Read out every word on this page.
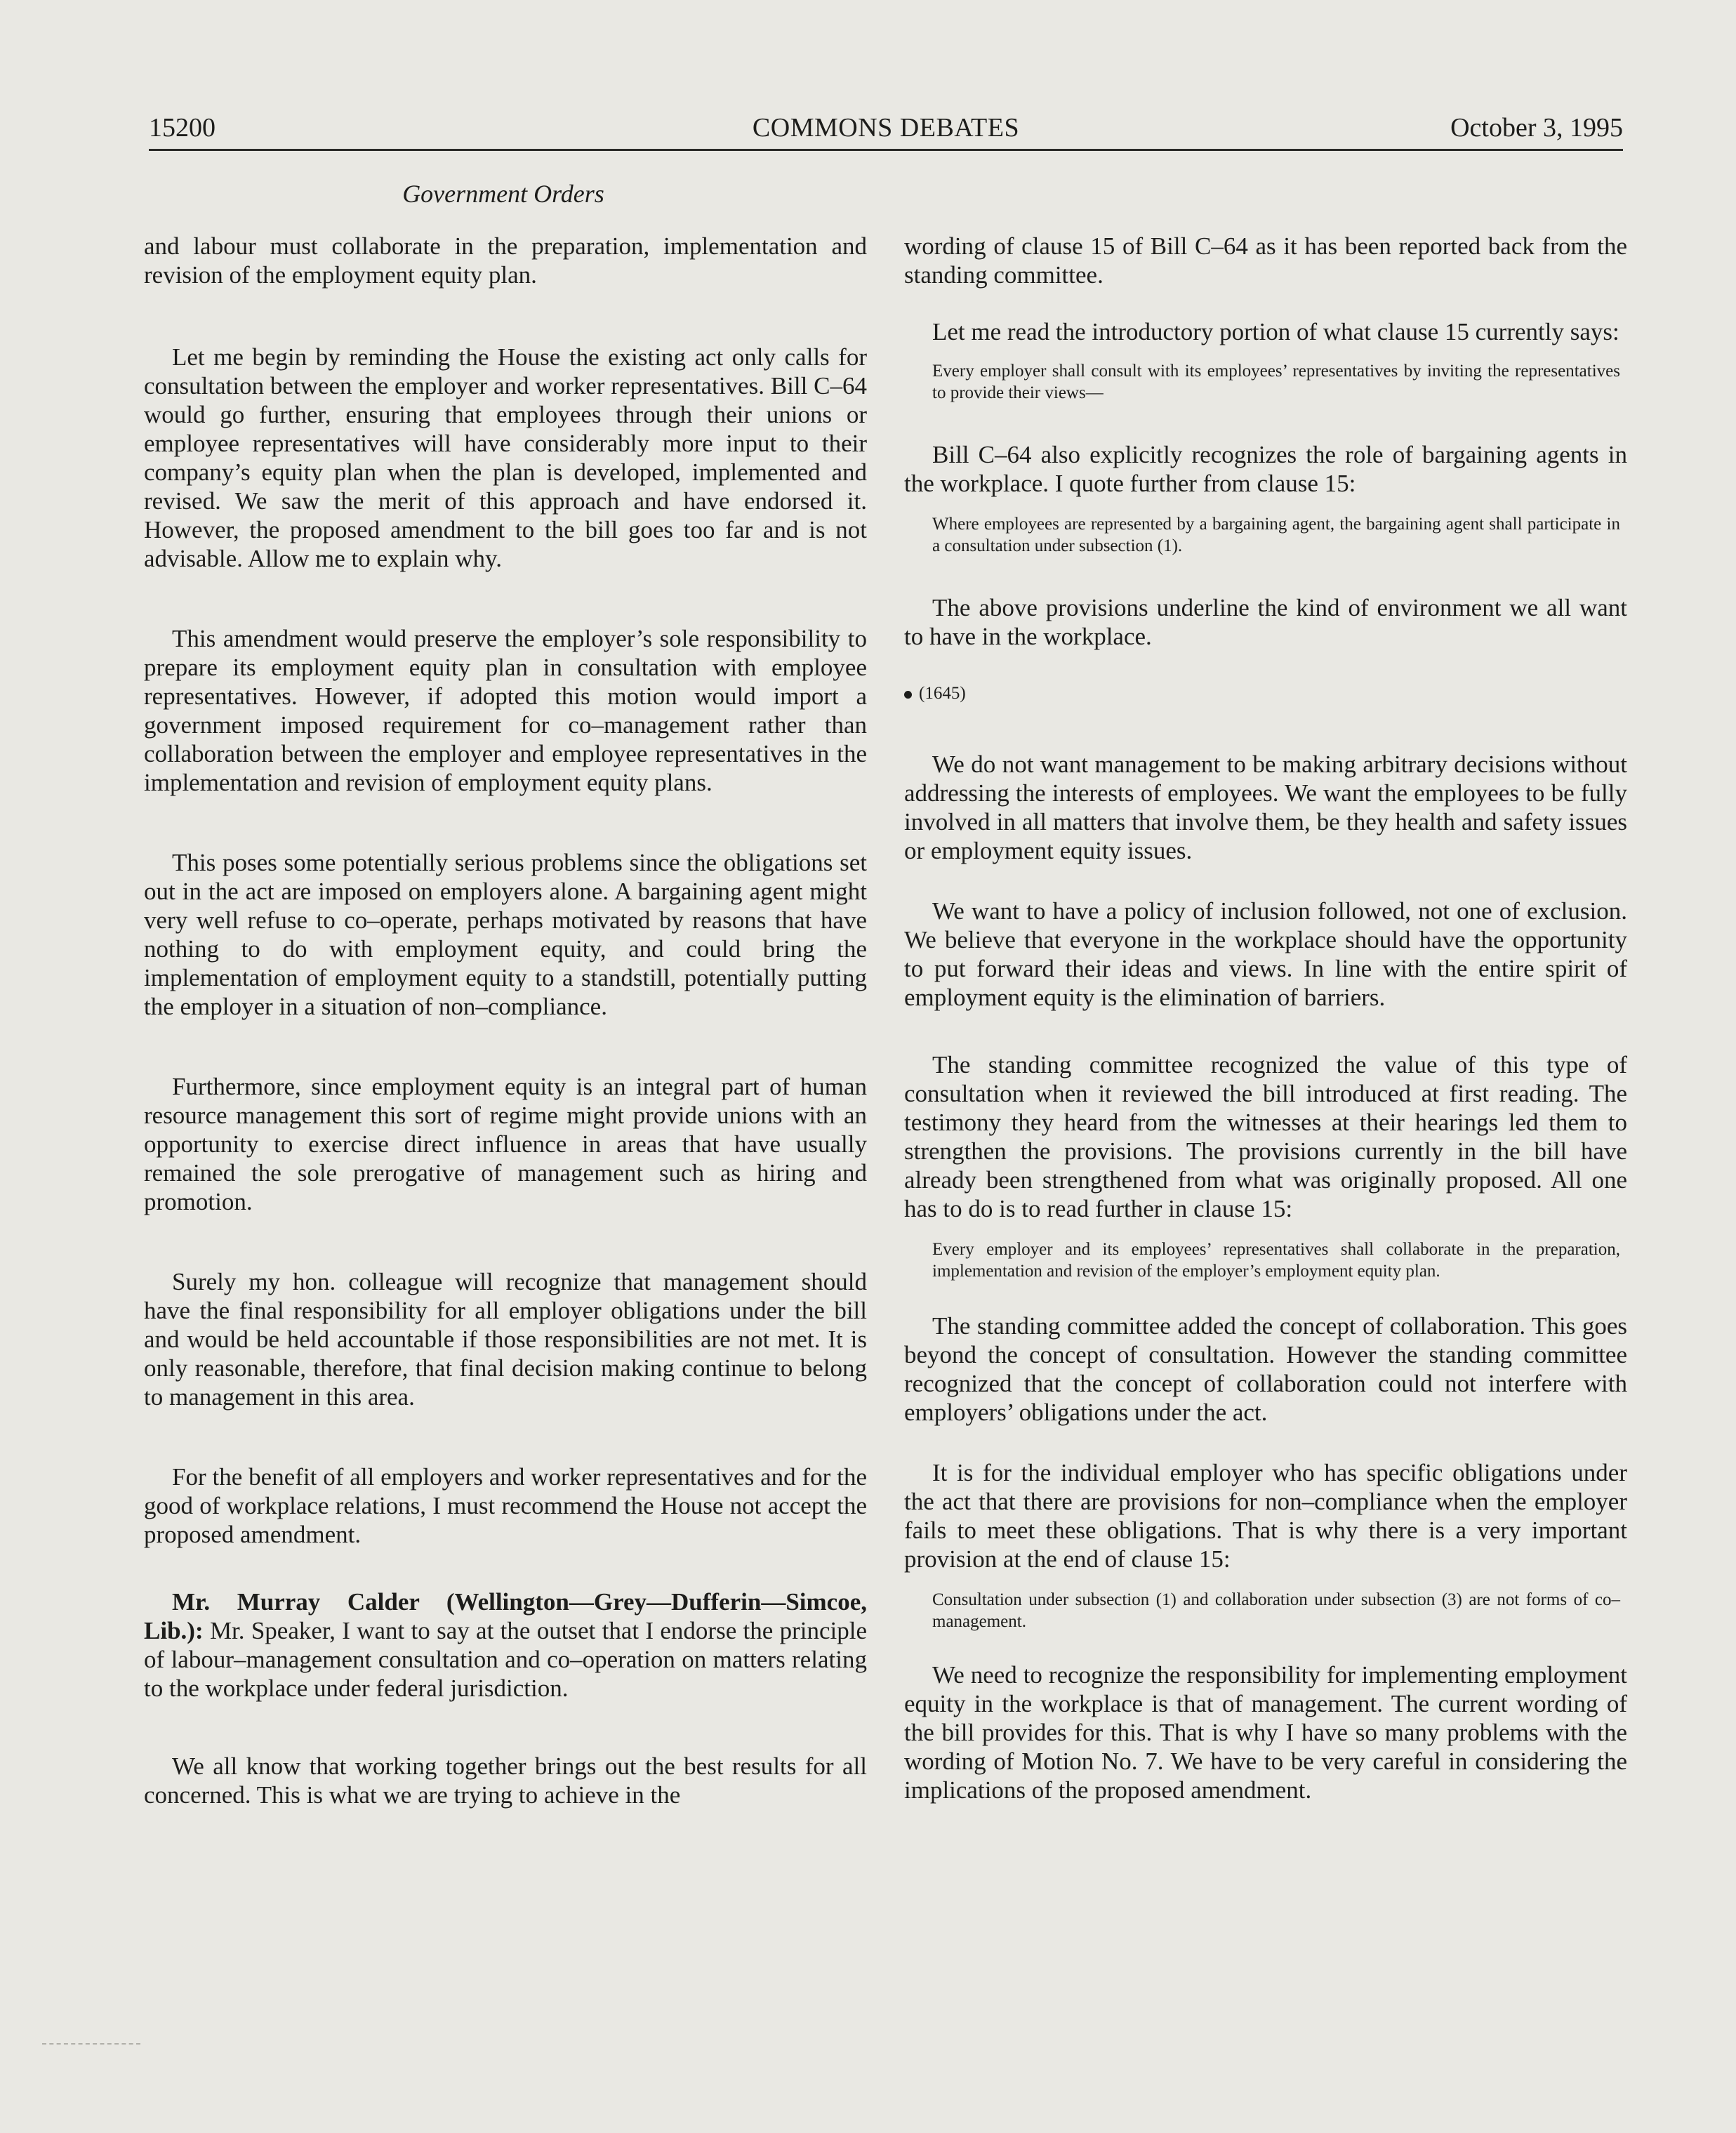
15200	COMMONS DEBATES	October 3, 1995
Government Orders

and labour must collaborate in the preparation, implementation and revision of the employment equity plan.

Let me begin by reminding the House the existing act only calls for consultation between the employer and worker representatives. Bill C–64 would go further, ensuring that employees through their unions or employee representatives will have considerably more input to their company’s equity plan when the plan is developed, implemented and revised. We saw the merit of this approach and have endorsed it. However, the proposed amendment to the bill goes too far and is not advisable. Allow me to explain why.

This amendment would preserve the employer’s sole responsibility to prepare its employment equity plan in consultation with employee representatives. However, if adopted this motion would import a government imposed requirement for co–management rather than collaboration between the employer and employee representatives in the implementation and revision of employment equity plans.

This poses some potentially serious problems since the obligations set out in the act are imposed on employers alone. A bargaining agent might very well refuse to co–operate, perhaps motivated by reasons that have nothing to do with employment equity, and could bring the implementation of employment equity to a standstill, potentially putting the employer in a situation of non–compliance.

Furthermore, since employment equity is an integral part of human resource management this sort of regime might provide unions with an opportunity to exercise direct influence in areas that have usually remained the sole prerogative of management such as hiring and promotion.

Surely my hon. colleague will recognize that management should have the final responsibility for all employer obligations under the bill and would be held accountable if those responsibilities are not met. It is only reasonable, therefore, that final decision making continue to belong to management in this area.

For the benefit of all employers and worker representatives and for the good of workplace relations, I must recommend the House not accept the proposed amendment.

Mr. Murray Calder (Wellington—Grey—Dufferin—Simcoe, Lib.): Mr. Speaker, I want to say at the outset that I endorse the principle of labour–management consultation and co–operation on matters relating to the workplace under federal jurisdiction.

We all know that working together brings out the best results for all concerned. This is what we are trying to achieve in the

wording of clause 15 of Bill C–64 as it has been reported back from the standing committee.

Let me read the introductory portion of what clause 15 currently says:

Every employer shall consult with its employees’ representatives by inviting the representatives to provide their views—

Bill C–64 also explicitly recognizes the role of bargaining agents in the workplace. I quote further from clause 15:

Where employees are represented by a bargaining agent, the bargaining agent shall participate in a consultation under subsection (1).

The above provisions underline the kind of environment we all want to have in the workplace.

(1645)

We do not want management to be making arbitrary decisions without addressing the interests of employees. We want the employees to be fully involved in all matters that involve them, be they health and safety issues or employment equity issues.

We want to have a policy of inclusion followed, not one of exclusion. We believe that everyone in the workplace should have the opportunity to put forward their ideas and views. In line with the entire spirit of employment equity is the elimination of barriers.

The standing committee recognized the value of this type of consultation when it reviewed the bill introduced at first reading. The testimony they heard from the witnesses at their hearings led them to strengthen the provisions. The provisions currently in the bill have already been strengthened from what was originally proposed. All one has to do is to read further in clause 15:

Every employer and its employees’ representatives shall collaborate in the preparation, implementation and revision of the employer’s employment equity plan.

The standing committee added the concept of collaboration. This goes beyond the concept of consultation. However the standing committee recognized that the concept of collaboration could not interfere with employers’ obligations under the act.

It is for the individual employer who has specific obligations under the act that there are provisions for non–compliance when the employer fails to meet these obligations. That is why there is a very important provision at the end of clause 15:

Consultation under subsection (1) and collaboration under subsection (3) are not forms of co–management.

We need to recognize the responsibility for implementing employment equity in the workplace is that of management. The current wording of the bill provides for this. That is why I have so many problems with the wording of Motion No. 7. We have to be very careful in considering the implications of the proposed amendment.
